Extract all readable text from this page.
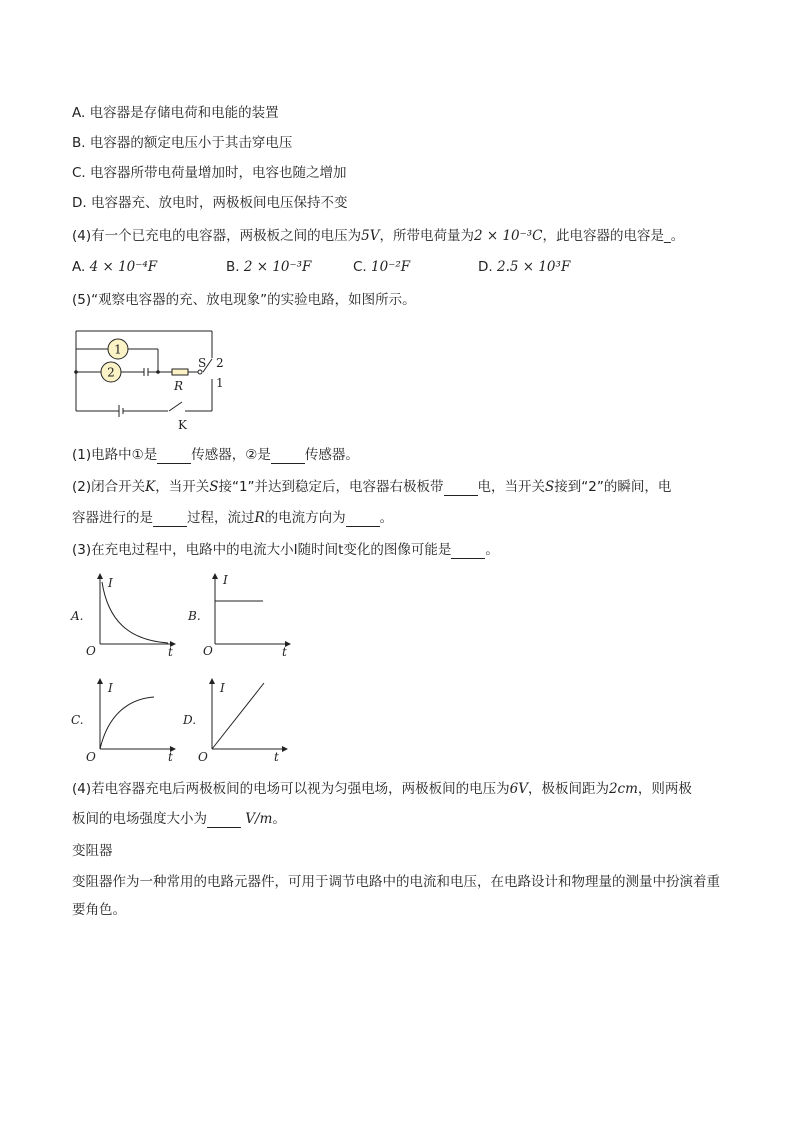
A. 电容器是存储电荷和电能的装置
B. 电容器的额定电压小于其击穿电压
C. 电容器所带电荷量增加时，电容也随之增加
D. 电容器充、放电时，两极板间电压保持不变
(4)有一个已充电的电容器，两极板之间的电压为5V，所带电荷量为2 × 10⁻³C，此电容器的电容是_。
A. 4 × 10⁻⁴F	B. 2 × 10⁻³F	C. 10⁻²F	D. 2.5 × 10³F
(5)“观察电容器的充、放电现象”的实验电路，如图所示。
1
2
R
S 2
1
K
(1)电路中①是	传感器，②是	传感器。
(2)闭合开关K，当开关S接“1”并达到稳定后，电容器右极板带	电，当开关S接到“2”的瞬间，电
容器进行的是	过程，流过R的电流方向为	。
(3)在充电过程中，电路中的电流大小I随时间t变化的图像可能是	。
A.
I
O	t
B.
I
O	t
C.
I
O	t
D.
I
O	t
(4)若电容器充电后两极板间的电场可以视为匀强电场，两极板间的电压为6V，极板间距为2cm，则两极
板间的电场强度大小为	V/m。
变阻器
变阻器作为一种常用的电路元器件，可用于调节电路中的电流和电压，在电路设计和物理量的测量中扮演着重要角色。
